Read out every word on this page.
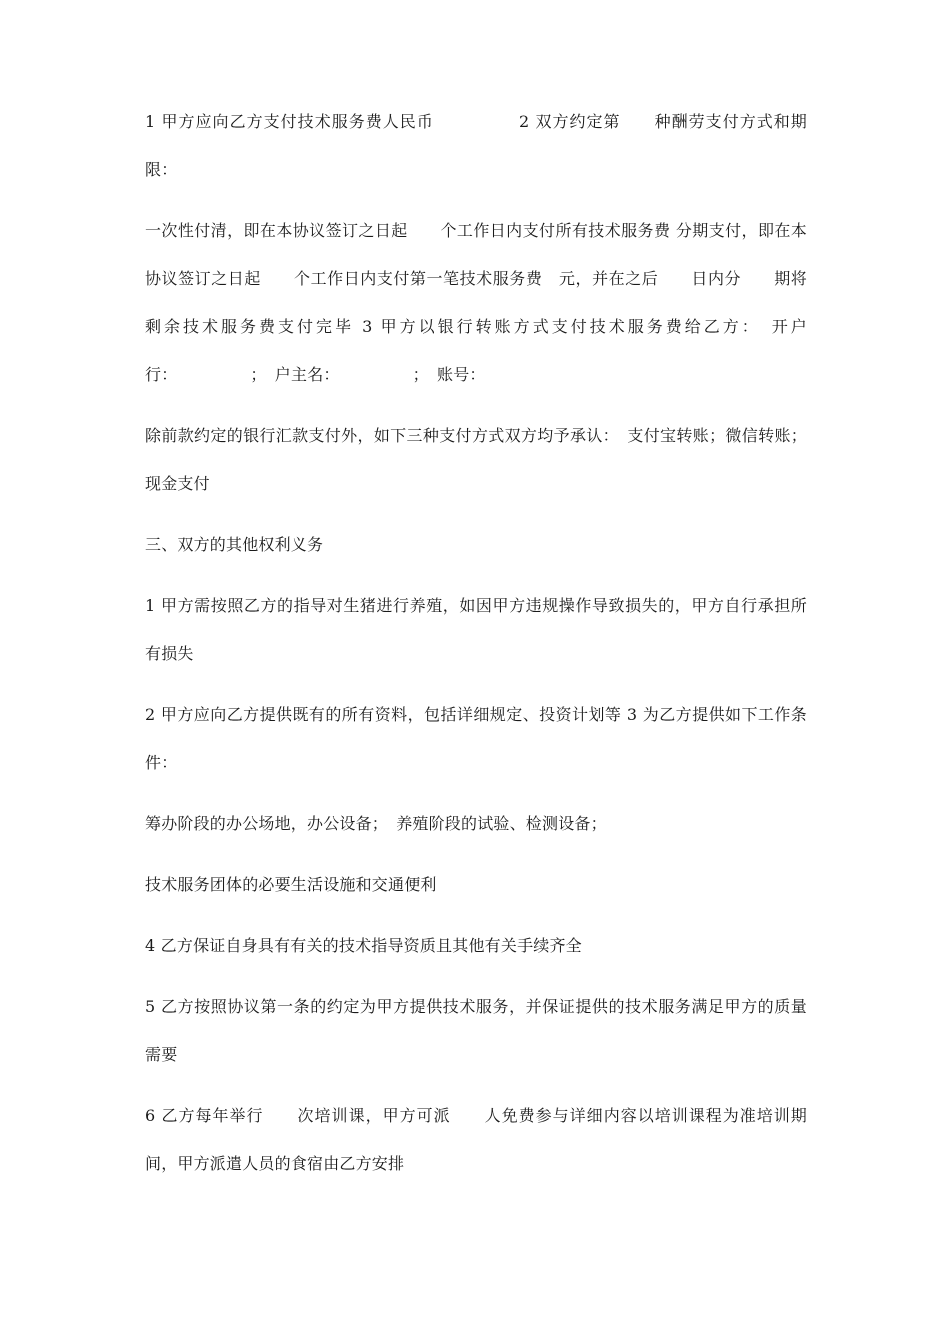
1 甲方应向乙方支付技术服务费人民币　　　　　2 双方约定第　　种酬劳支付方式和期限：

一次性付清，即在本协议签订之日起　　个工作日内支付所有技术服务费 分期支付，即在本协议签订之日起　　个工作日内支付第一笔技术服务费　元，并在之后　　日内分　　期将剩余技术服务费支付完毕 3 甲方以银行转账方式支付技术服务费给乙方：　开户行：　　　　　；　户主名：　　　　　；　账号：

除前款约定的银行汇款支付外，如下三种支付方式双方均予承认：　支付宝转账；微信转账；现金支付

三、双方的其他权利义务

1 甲方需按照乙方的指导对生猪进行养殖，如因甲方违规操作导致损失的，甲方自行承担所有损失

2 甲方应向乙方提供既有的所有资料，包括详细规定、投资计划等 3 为乙方提供如下工作条件：

筹办阶段的办公场地，办公设备；　养殖阶段的试验、检测设备；

技术服务团体的必要生活设施和交通便利

4 乙方保证自身具有有关的技术指导资质且其他有关手续齐全

5 乙方按照协议第一条的约定为甲方提供技术服务，并保证提供的技术服务满足甲方的质量需要

6 乙方每年举行　　次培训课，甲方可派　　人免费参与详细内容以培训课程为准培训期间，甲方派遣人员的食宿由乙方安排
